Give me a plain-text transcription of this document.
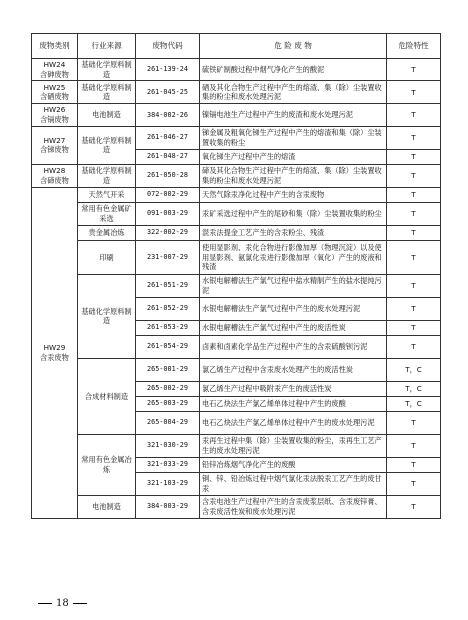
废物类别	行业来源	废物代码	危 险 废 物	危险特性
HW24
含砷废物	基础化学原料制造	261-139-24	硫铁矿制酸过程中烟气净化产生的酸泥	T
HW25
含硒废物	基础化学原料制造	261-045-25	硒及其化合物生产过程中产生的熔渣、集（除）尘装置收集的粉尘和废水处理污泥	T
HW26
含镉废物	电池制造	384-002-26	镍镉电池生产过程中产生的废渣和废水处理污泥	T
HW27
含锑废物	基础化学原料制造	261-046-27	锑金属及粗氧化锑生产过程中产生的熔渣和集（除）尘装置收集的粉尘	T
		261-048-27	氧化锑生产过程中产生的熔渣	T
HW28
含碲废物	基础化学原料制造	261-050-28	碲及其化合物生产过程中产生的熔渣、集（除）尘装置收集的粉尘和废水处理污泥	T
HW29
含汞废物	天然气开采	072-002-29	天然气除汞净化过程中产生的含汞废物	T
	常用有色金属矿采选	091-003-29	汞矿采选过程中产生的尾砂和集（除）尘装置收集的粉尘	T
	贵金属冶炼	322-002-29	混汞法提金工艺产生的含汞粉尘、残渣	T
	印刷	231-007-29	使用显影剂、汞化合物进行影像加厚（物理沉淀）以及使用显影剂、氨氯化汞进行影像加厚（氧化）产生的废液和残渣	T
	基础化学原料制造	261-051-29	水银电解槽法生产氯气过程中盐水精制产生的盐水提纯污泥	T
		261-052-29	水银电解槽法生产氯气过程中产生的废水处理污泥	T
		261-053-29	水银电解槽法生产氯气过程中产生的废活性炭	T
		261-054-29	卤素和卤素化学品生产过程中产生的含汞硫酸钡污泥	T
	合成材料制造	265-001-29	氯乙烯生产过程中含汞废水处理产生的废活性炭	T，C
		265-002-29	氯乙烯生产过程中吸附汞产生的废活性炭	T，C
		265-003-29	电石乙炔法生产氯乙烯单体过程中产生的废酸	T，C
		265-004-29	电石乙炔法生产氯乙烯单体过程中产生的废水处理污泥	T
	常用有色金属冶炼	321-030-29	汞再生过程中集（除）尘装置收集的粉尘，汞再生工艺产生的废水处理污泥	T
		321-033-29	铅锌冶炼烟气净化产生的废酸	T
		321-103-29	铜、锌、铅冶炼过程中烟气氯化汞法脱汞工艺产生的废甘汞	T
	电池制造	384-003-29	含汞电池生产过程中产生的含汞废浆层纸、含汞废锌膏、含汞废活性炭和废水处理污泥	T
18
